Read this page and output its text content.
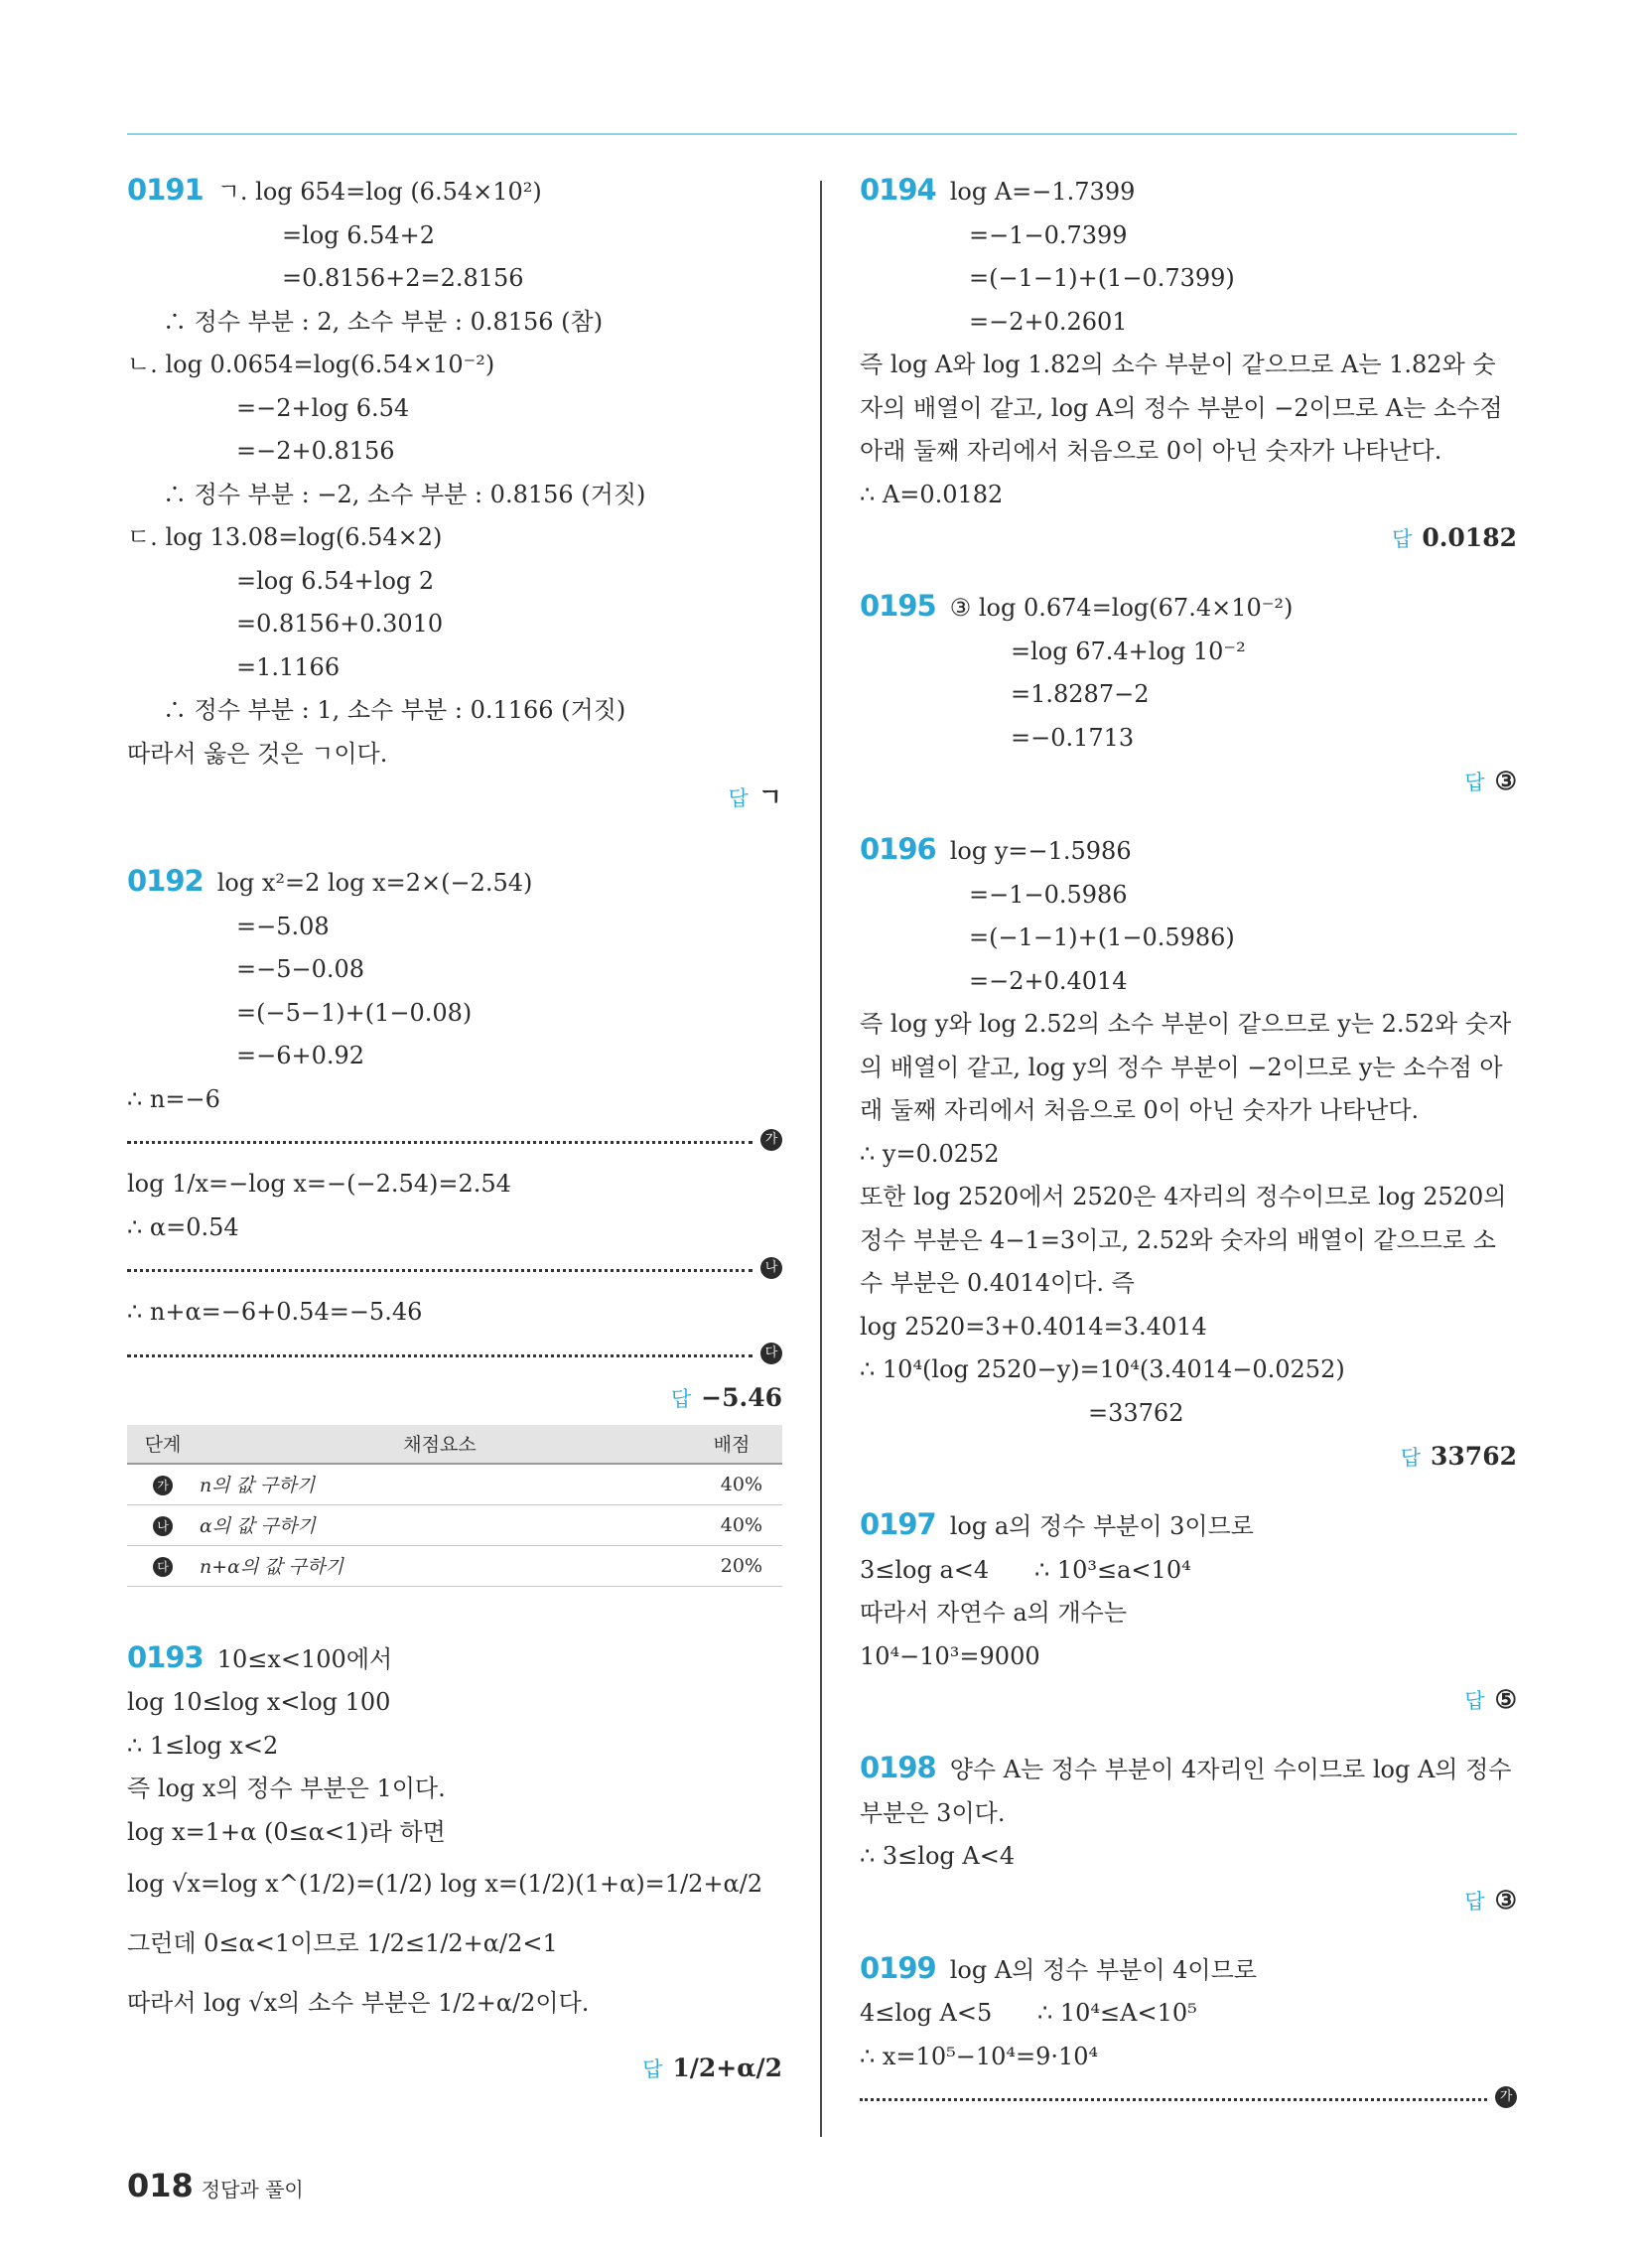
0191 ㄱ. log 654=log (6.54×10²)
=log 6.54+2
=0.8156+2=2.8156
∴ 정수 부분 : 2, 소수 부분 : 0.8156 (참)
ㄴ. log 0.0654=log(6.54×10⁻²)
=−2+log 6.54
=−2+0.8156
∴ 정수 부분 : −2, 소수 부분 : 0.8156 (거짓)
ㄷ. log 13.08=log(6.54×2)
=log 6.54+log 2
=0.8156+0.3010
=1.1166
∴ 정수 부분 : 1, 소수 부분 : 0.1166 (거짓)
따라서 옳은 것은 ㄱ이다.
답 ㄱ
0192 log x²=2 log x=2×(−2.54)
=−5.08
=−5−0.08
=(−5−1)+(1−0.08)
=−6+0.92
∴ n=−6
가
log 1/x=−log x=−(−2.54)=2.54
∴ α=0.54
나
∴ n+α=−6+0.54=−5.46
다
답 −5.46
단계	채점요소	배점
가	n의 값 구하기	40%
나	α의 값 구하기	40%
다	n+α의 값 구하기	20%
0193 10≤x<100에서
log 10≤log x<log 100
∴ 1≤log x<2
즉 log x의 정수 부분은 1이다.
log x=1+α (0≤α<1)라 하면
log √x=log x^(1/2)=(1/2) log x=(1/2)(1+α)=1/2+α/2
그런데 0≤α<1이므로 1/2≤1/2+α/2<1
따라서 log √x의 소수 부분은 1/2+α/2이다.
답 1/2+α/2
0194 log A=−1.7399
=−1−0.7399
=(−1−1)+(1−0.7399)
=−2+0.2601
즉 log A와 log 1.82의 소수 부분이 같으므로 A는 1.82와 숫자의 배열이 같고, log A의 정수 부분이 −2이므로 A는 소수점 아래 둘째 자리에서 처음으로 0이 아닌 숫자가 나타난다.
∴ A=0.0182
답 0.0182
0195 ③ log 0.674=log(67.4×10⁻²)
=log 67.4+log 10⁻²
=1.8287−2
=−0.1713
답 ③
0196 log y=−1.5986
=−1−0.5986
=(−1−1)+(1−0.5986)
=−2+0.4014
즉 log y와 log 2.52의 소수 부분이 같으므로 y는 2.52와 숫자의 배열이 같고, log y의 정수 부분이 −2이므로 y는 소수점 아래 둘째 자리에서 처음으로 0이 아닌 숫자가 나타난다.
∴ y=0.0252
또한 log 2520에서 2520은 4자리의 정수이므로 log 2520의 정수 부분은 4−1=3이고, 2.52와 숫자의 배열이 같으므로 소수 부분은 0.4014이다. 즉
log 2520=3+0.4014=3.4014
∴ 10⁴(log 2520−y)=10⁴(3.4014−0.0252)
=33762
답 33762
0197 log a의 정수 부분이 3이므로
3≤log a<4      ∴ 10³≤a<10⁴
따라서 자연수 a의 개수는
10⁴−10³=9000
답 ⑤
0198 양수 A는 정수 부분이 4자리인 수이므로 log A의 정수 부분은 3이다.
∴ 3≤log A<4
답 ③
0199 log A의 정수 부분이 4이므로
4≤log A<5      ∴ 10⁴≤A<10⁵
∴ x=10⁵−10⁴=9·10⁴
가
018 정답과 풀이
